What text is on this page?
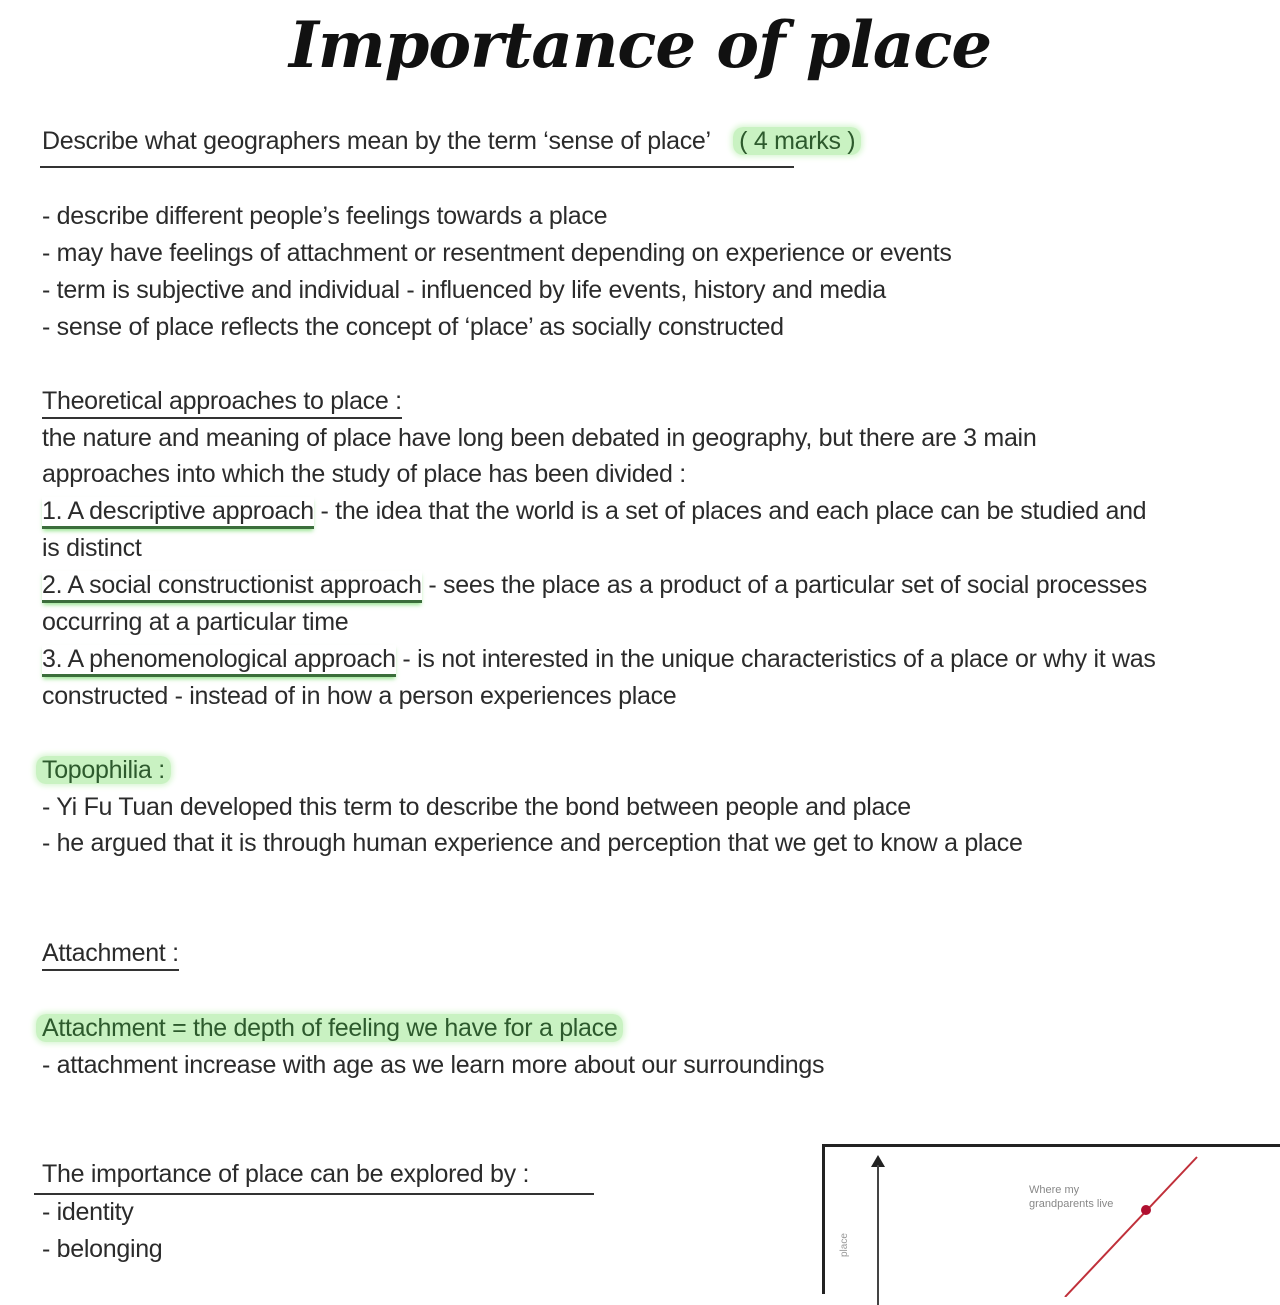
Importance of place
Describe what geographers mean by the term ‘sense of place’ ( 4 marks )
- describe different people’s feelings towards a place
- may have feelings of attachment or resentment depending on experience or events
- term is subjective and individual - influenced by life events, history and media
- sense of place reflects the concept of ‘place’ as socially constructed
Theoretical approaches to place :
the nature and meaning of place have long been debated in geography, but there are 3 main
approaches into which the study of place has been divided :
1. A descriptive approach - the idea that the world is a set of places and each place can be studied and
is distinct
2. A social constructionist approach - sees the place as a product of a particular set of social processes
occurring at a particular time
3. A phenomenological approach - is not interested in the unique characteristics of a place or why it was
constructed - instead of in how a person experiences place
Topophilia :
- Yi Fu Tuan developed this term to describe the bond between people and place
- he argued that it is through human experience and perception that we get to know a place
Attachment :
Attachment = the depth of feeling we have for a place
- attachment increase with age as we learn more about our surroundings
The importance of place can be explored by :
- identity
- belonging	place
Where my
grandparents live
